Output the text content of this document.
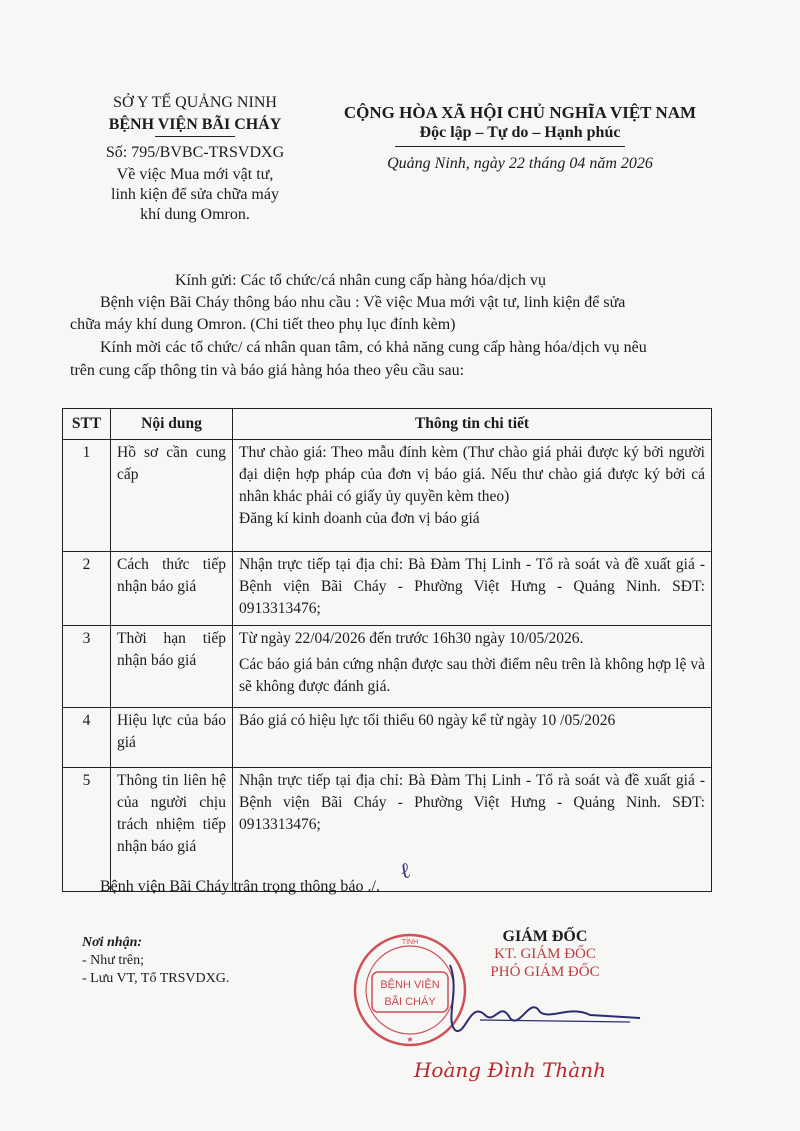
SỞ Y TẾ QUẢNG NINH
BỆNH VIỆN BÃI CHÁY
Số: 795/BVBC-TRSVDXG
Về việc Mua mới vật tư,
linh kiện để sửa chữa máy
khí dung Omron.
CỘNG HÒA XÃ HỘI CHỦ NGHĨA VIỆT NAM
Độc lập – Tự do – Hạnh phúc
Quảng Ninh, ngày 22 tháng 04 năm 2026
Kính gửi: Các tổ chức/cá nhân cung cấp hàng hóa/dịch vụ
Bệnh viện Bãi Cháy thông báo nhu cầu : Về việc Mua mới vật tư, linh kiện để sửa
chữa máy khí dung Omron. (Chi tiết theo phụ lục đính kèm)
Kính mời các tổ chức/ cá nhân quan tâm, có khả năng cung cấp hàng hóa/dịch vụ nêu
trên cung cấp thông tin và báo giá hàng hóa theo yêu cầu sau:
STT	Nội dung	Thông tin chi tiết
1	Hồ sơ cần cung cấp	Thư chào giá: Theo mẫu đính kèm (Thư chào giá phải được ký bởi người đại diện hợp pháp của đơn vị báo giá. Nếu thư chào giá được ký bởi cá nhân khác phải có giấy ủy quyền kèm theo)

Đăng kí kinh doanh của đơn vị báo giá

2	Cách thức tiếp nhận báo giá	Nhận trực tiếp tại địa chỉ: Bà Đàm Thị Linh - Tổ rà soát và đề xuất giá - Bệnh viện Bãi Cháy - Phường Việt Hưng - Quảng Ninh. SĐT: 0913313476;

3	Thời hạn tiếp nhận báo giá	Từ ngày 22/04/2026 đến trước 16h30 ngày 10/05/2026.

Các báo giá bản cứng nhận được sau thời điểm nêu trên là không hợp lệ và sẽ không được đánh giá.

4	Hiệu lực của báo giá	Báo giá có hiệu lực tối thiểu 60 ngày kể từ ngày 10 /05/2026

5	Thông tin liên hệ của người chịu trách nhiệm tiếp nhận báo giá	Nhận trực tiếp tại địa chỉ: Bà Đàm Thị Linh - Tổ rà soát và đề xuất giá - Bệnh viện Bãi Cháy - Phường Việt Hưng - Quảng Ninh. SĐT: 0913313476;

Bệnh viện Bãi Cháy trân trọng thông báo ./.
ℓ
Nơi nhận:
- Như trên;
- Lưu VT, Tổ TRSVDXG.	BỆNH VIỆN
BÃI CHÁY
TỈNH
★
GIÁM ĐỐC
KT. GIÁM ĐỐC
PHÓ GIÁM ĐỐC
Hoàng Đình Thành
